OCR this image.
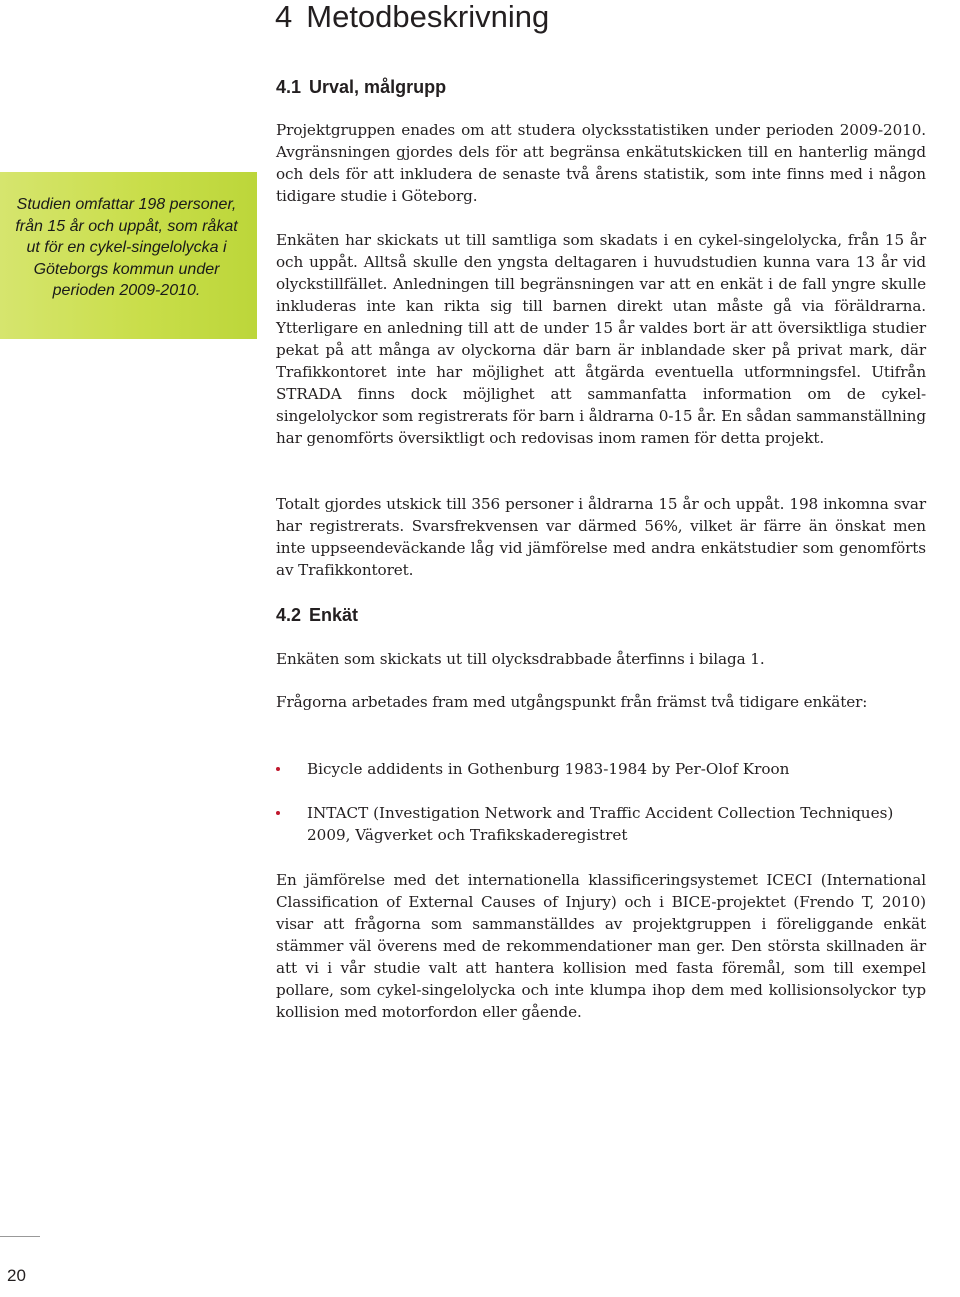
4 Metodbeskrivning

Studien omfattar 198 personer, från 15 år och uppåt, som råkat ut för en cykel-singelolycka i Göteborgs kommun under perioden 2009-2010.

4.1 Urval, målgrupp

Projektgruppen enades om att studera olycksstatistiken under perioden 2009-2010. Avgränsningen gjordes dels för att begränsa enkätutskicken till en hanterlig mängd och dels för att inkludera de senaste två årens statistik, som inte finns med i någon tidigare studie i Göteborg.

Enkäten har skickats ut till samtliga som skadats i en cykel-singelolycka, från 15 år och uppåt. Alltså skulle den yngsta deltagaren i huvudstudien kunna vara 13 år vid olyckstillfället. Anledningen till begränsningen var att en enkät i de fall yngre skulle inkluderas inte kan rikta sig till barnen direkt utan måste gå via föräldrarna. Ytterligare en anledning till att de under 15 år valdes bort är att översiktliga studier pekat på att många av olyckorna där barn är inblandade sker på privat mark, där Trafikkontoret inte har möjlighet att åtgärda eventuella utformningsfel. Utifrån STRADA finns dock möjlighet att sammanfatta information om de cykel-singelolyckor som registrerats för barn i åldrarna 0-15 år. En sådan sammanställning har genomförts översiktligt och redovisas inom ramen för detta projekt.

Totalt gjordes utskick till 356 personer i åldrarna 15 år och uppåt. 198 inkomna svar har registrerats. Svarsfrekvensen var därmed 56%, vilket är färre än önskat men inte uppseendeväckande låg vid jämförelse med andra enkätstudier som genomförts av Trafikkontoret.

4.2 Enkät

Enkäten som skickats ut till olycksdrabbade återfinns i bilaga 1.

Frågorna arbetades fram med utgångspunkt från främst två tidigare enkäter:

Bicycle addidents in Gothenburg 1983-1984 by Per-Olof Kroon
INTACT (Investigation Network and Traffic Accident Collection Techniques) 2009, Vägverket och Trafikskaderegistret

En jämförelse med det internationella klassificeringsystemet ICECI (International Classification of External Causes of Injury) och i BICE-projektet (Frendo T, 2010) visar att frågorna som sammanställdes av projektgruppen i föreliggande enkät stämmer väl överens med de rekommendationer man ger. Den största skillnaden är att vi i vår studie valt att hantera kollision med fasta föremål, som till exempel pollare, som cykel-singelolycka och inte klumpa ihop dem med kollisionsolyckor typ kollision med motorfordon eller gående.

20
